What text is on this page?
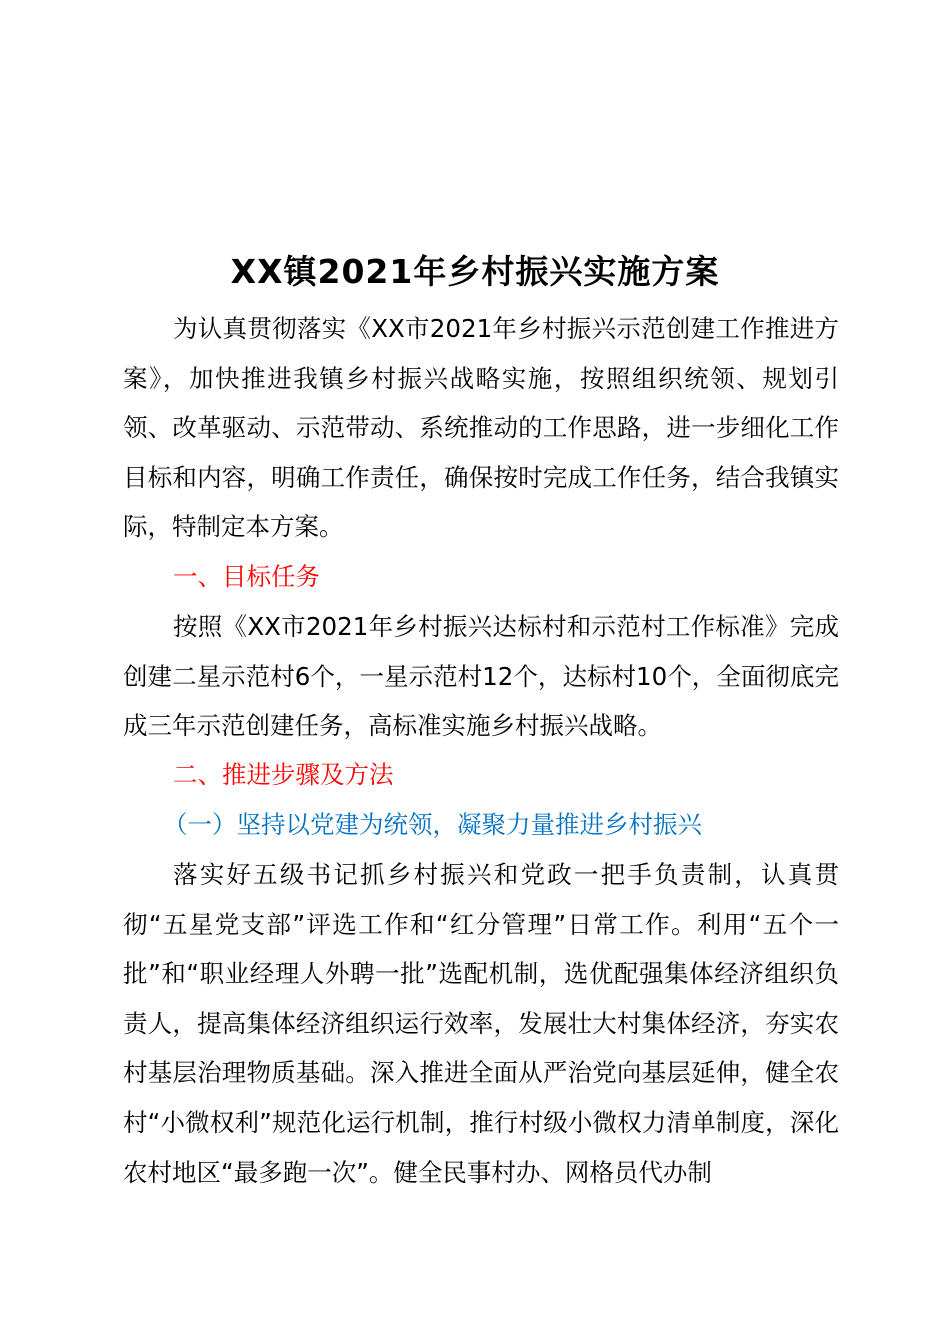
XX镇2021年乡村振兴实施方案

为认真贯彻落实《XX市2021年乡村振兴示范创建工作推进方案》，加快推进我镇乡村振兴战略实施，按照组织统领、规划引领、改革驱动、示范带动、系统推动的工作思路，进一步细化工作目标和内容，明确工作责任，确保按时完成工作任务，结合我镇实际，特制定本方案。

一、目标任务

按照《XX市2021年乡村振兴达标村和示范村工作标准》完成创建二星示范村6个，一星示范村12个，达标村10个，全面彻底完成三年示范创建任务，高标准实施乡村振兴战略。

二、推进步骤及方法
（一）坚持以党建为统领，凝聚力量推进乡村振兴

落实好五级书记抓乡村振兴和党政一把手负责制，认真贯彻“五星党支部”评选工作和“红分管理”日常工作。利用“五个一批”和“职业经理人外聘一批”选配机制，选优配强集体经济组织负责人，提高集体经济组织运行效率，发展壮大村集体经济，夯实农村基层治理物质基础。深入推进全面从严治党向基层延伸，健全农村“小微权利”规范化运行机制，推行村级小微权力清单制度，深化农村地区“最多跑一次”。健全民事村办、网格员代办制
